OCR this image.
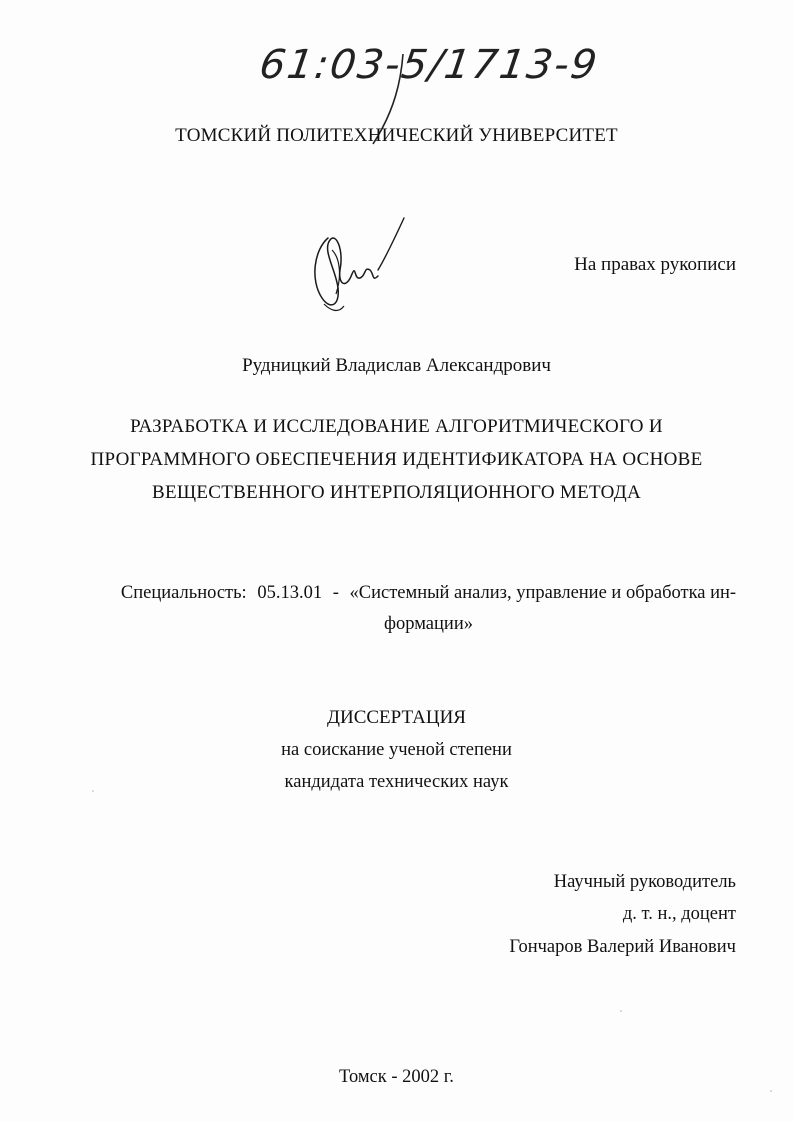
61:03-5/1713-9
ТОМСКИЙ ПОЛИТЕХНИЧЕСКИЙ УНИВЕРСИТЕТ
На правах рукописи
Рудницкий Владислав Александрович
РАЗРАБОТКА И ИССЛЕДОВАНИЕ АЛГОРИТМИЧЕСКОГО И
ПРОГРАММНОГО ОБЕСПЕЧЕНИЯ ИДЕНТИФИКАТОРА НА ОСНОВЕ
ВЕЩЕСТВЕННОГО ИНТЕРПОЛЯЦИОННОГО МЕТОДА
Специальность: 05.13.01 - «Системный анализ, управление и обработка ин-
формации»
ДИССЕРТАЦИЯ
на соискание ученой степени
кандидата технических наук
Научный руководитель
д. т. н., доцент
Гончаров Валерий Иванович
Томск - 2002 г.
